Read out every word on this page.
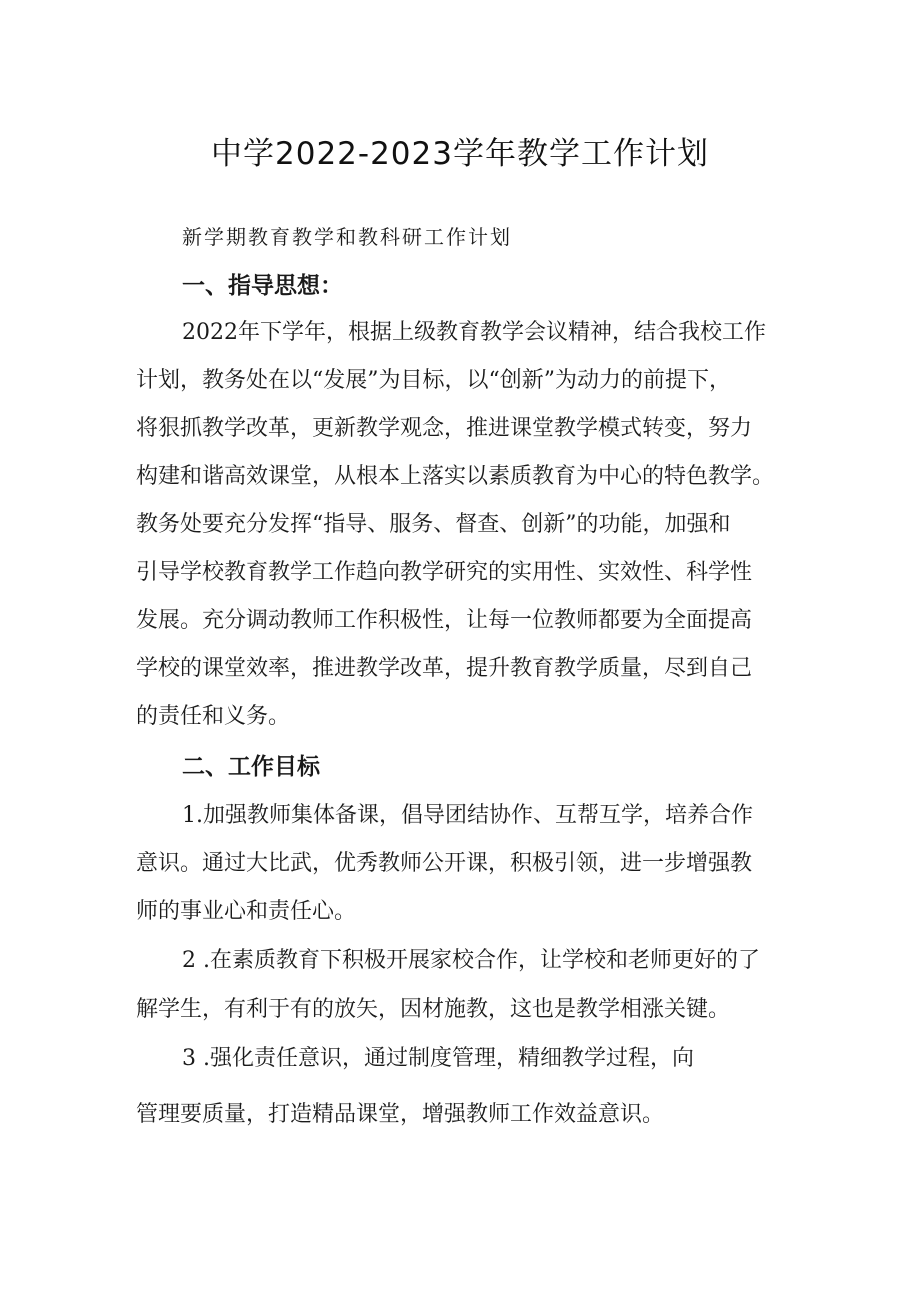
中学2022-2023学年教学工作计划
新学期教育教学和教科研工作计划
一、指导思想：
2022年下学年，根据上级教育教学会议精神，结合我校工作
计划，教务处在以“发展”为目标，以“创新”为动力的前提下，
将狠抓教学改革，更新教学观念，推进课堂教学模式转变，努力
构建和谐高效课堂，从根本上落实以素质教育为中心的特色教学。
教务处要充分发挥“指导、服务、督查、创新”的功能，加强和
引导学校教育教学工作趋向教学研究的实用性、实效性、科学性
发展。充分调动教师工作积极性，让每一位教师都要为全面提高
学校的课堂效率，推进教学改革，提升教育教学质量，尽到自己
的责任和义务。
二、工作目标
1.加强教师集体备课，倡导团结协作、互帮互学，培养合作
意识。通过大比武，优秀教师公开课，积极引领，进一步增强教
师的事业心和责任心。
2 .在素质教育下积极开展家校合作，让学校和老师更好的了
解学生，有利于有的放矢，因材施教，这也是教学相涨关键。
3 .强化责任意识，通过制度管理，精细教学过程，向
管理要质量，打造精品课堂，增强教师工作效益意识。
